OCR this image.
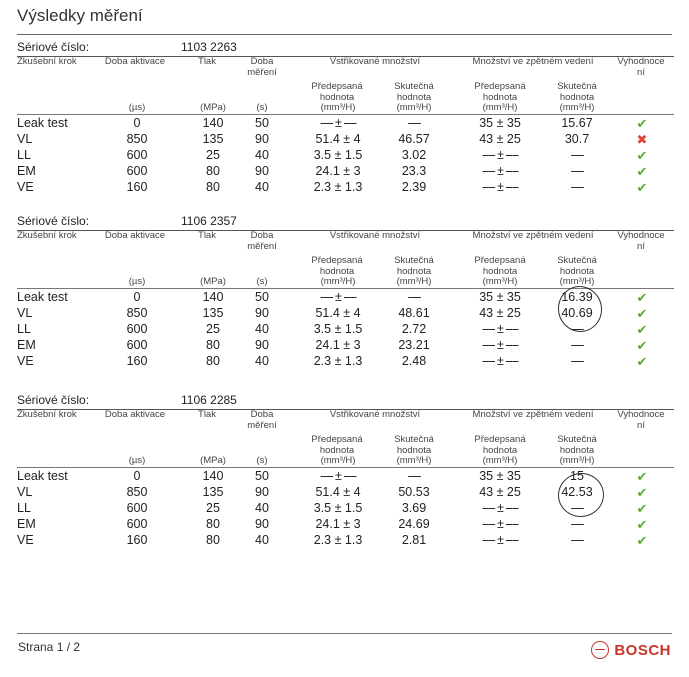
Výsledky měření
Sériové číslo:	1103 2263
Zkušební krok	Doba aktivace	Tlak	Doba
měření
Vstřikované množství	Množství ve zpětném vedení	Vyhodnoce
ní
Předepsaná
hodnota
Skutečná
hodnota
Předepsaná
hodnota
Skutečná
hodnota
(µs)	(MPa)	(s)	(mm³/H)	(mm³/H)	(mm³/H)	(mm³/H)
Leak test	0	140	50	---- ± ----	----	35 ± 35	15.67	✔
VL	850	135	90	51.4 ± 4	46.57	43 ± 25	30.7	✖
LL	600	25	40	3.5 ± 1.5	3.02	---- ± ----	----	✔
EM	600	80	90	24.1 ± 3	23.3	---- ± ----	----	✔
VE	160	80	40	2.3 ± 1.3	2.39	---- ± ----	----	✔
Sériové číslo:	1106 2357
Zkušební krok	Doba aktivace	Tlak	Doba
měření
Vstřikované množství	Množství ve zpětném vedení	Vyhodnoce
ní
Předepsaná
hodnota
Skutečná
hodnota
Předepsaná
hodnota
Skutečná
hodnota
(µs)	(MPa)	(s)	(mm³/H)	(mm³/H)	(mm³/H)	(mm³/H)
Leak test	0	140	50	---- ± ----	----	35 ± 35	16.39	✔
VL	850	135	90	51.4 ± 4	48.61	43 ± 25	40.69	✔
LL	600	25	40	3.5 ± 1.5	2.72	---- ± ----	----	✔
EM	600	80	90	24.1 ± 3	23.21	---- ± ----	----	✔
VE	160	80	40	2.3 ± 1.3	2.48	---- ± ----	----	✔
Sériové číslo:	1106 2285
Zkušební krok	Doba aktivace	Tlak	Doba
měření
Vstřikované množství	Množství ve zpětném vedení	Vyhodnoce
ní
Předepsaná
hodnota
Skutečná
hodnota
Předepsaná
hodnota
Skutečná
hodnota
(µs)	(MPa)	(s)	(mm³/H)	(mm³/H)	(mm³/H)	(mm³/H)
Leak test	0	140	50	---- ± ----	----	35 ± 35	15	✔
VL	850	135	90	51.4 ± 4	50.53	43 ± 25	42.53	✔
LL	600	25	40	3.5 ± 1.5	3.69	---- ± ----	----	✔
EM	600	80	90	24.1 ± 3	24.69	---- ± ----	----	✔
VE	160	80	40	2.3 ± 1.3	2.81	---- ± ----	----	✔
Strana 1 / 2	BOSCH
